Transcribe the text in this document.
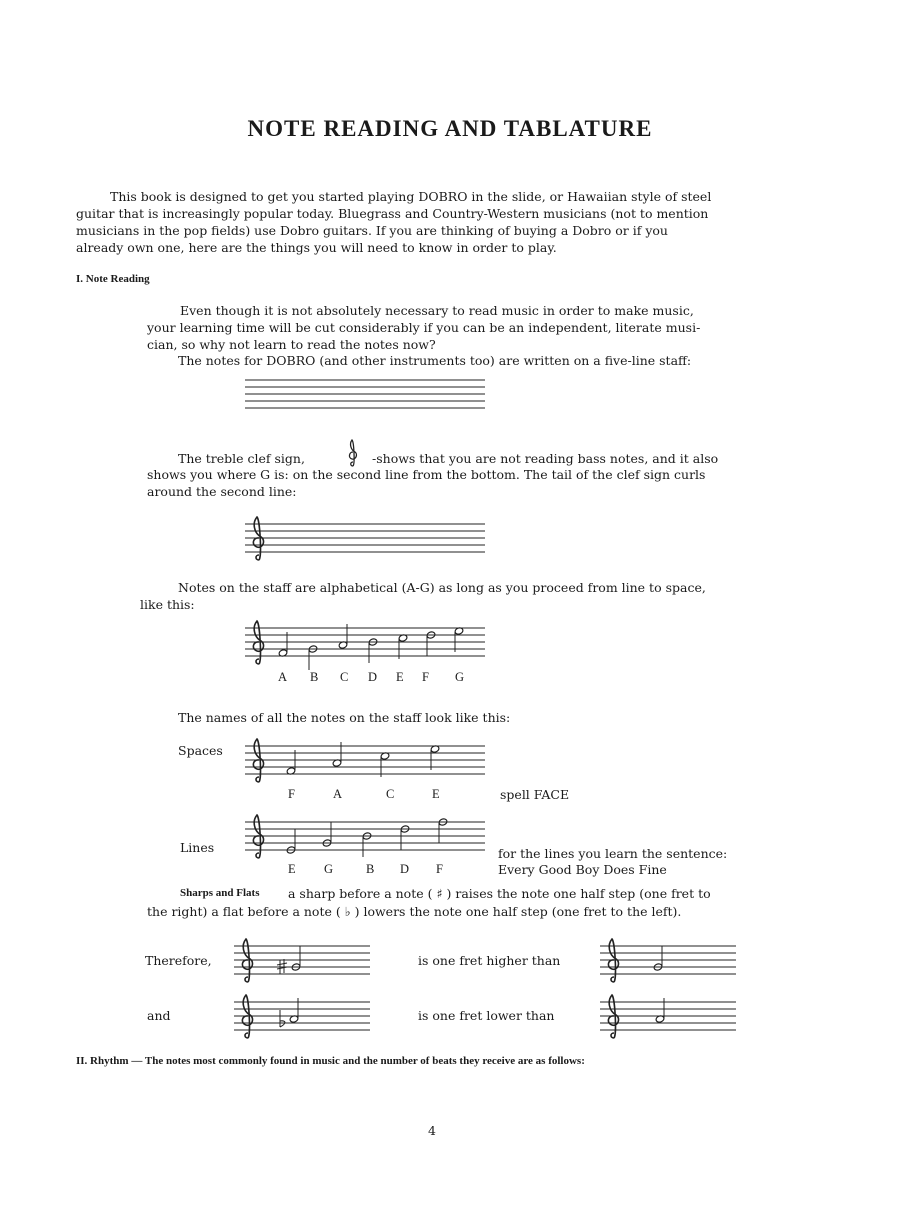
NOTE READING AND TABLATURE
This book is designed to get you started playing DOBRO in the slide, or Hawaiian style of steel
guitar that is increasingly popular today. Bluegrass and Country-Western musicians (not to mention
musicians in the pop fields) use Dobro guitars. If you are thinking of buying a Dobro or if you
already own one, here are the things you will need to know in order to play.
I. Note Reading
Even though it is not absolutely necessary to read music in order to make music,
your learning time will be cut considerably if you can be an independent, literate musi-
cian, so why not learn to read the notes now?
The notes for DOBRO (and other instruments too) are written on a five-line staff:
The treble clef sign,	-shows that you are not reading bass notes, and it also
shows you where G is: on the second line from the bottom. The tail of the clef sign curls
around the second line:
Notes on the staff are alphabetical (A-G) as long as you proceed from line to space,
like this:
A B C D E F G
The names of all the notes on the staff look like this:
Spaces
F	A	C	E	spell FACE
Lines
E G	B D F
for the lines you learn the sentence:
Every Good Boy Does Fine
Sharps and Flats a sharp before a note ( ♯ ) raises the note one half step (one fret to
the right) a flat before a note ( ♭ ) lowers the note one half step (one fret to the left).
Therefore,	is one fret higher than
and	is one fret lower than
II. Rhythm — The notes most commonly found in music and the number of beats they receive are as follows:
4
